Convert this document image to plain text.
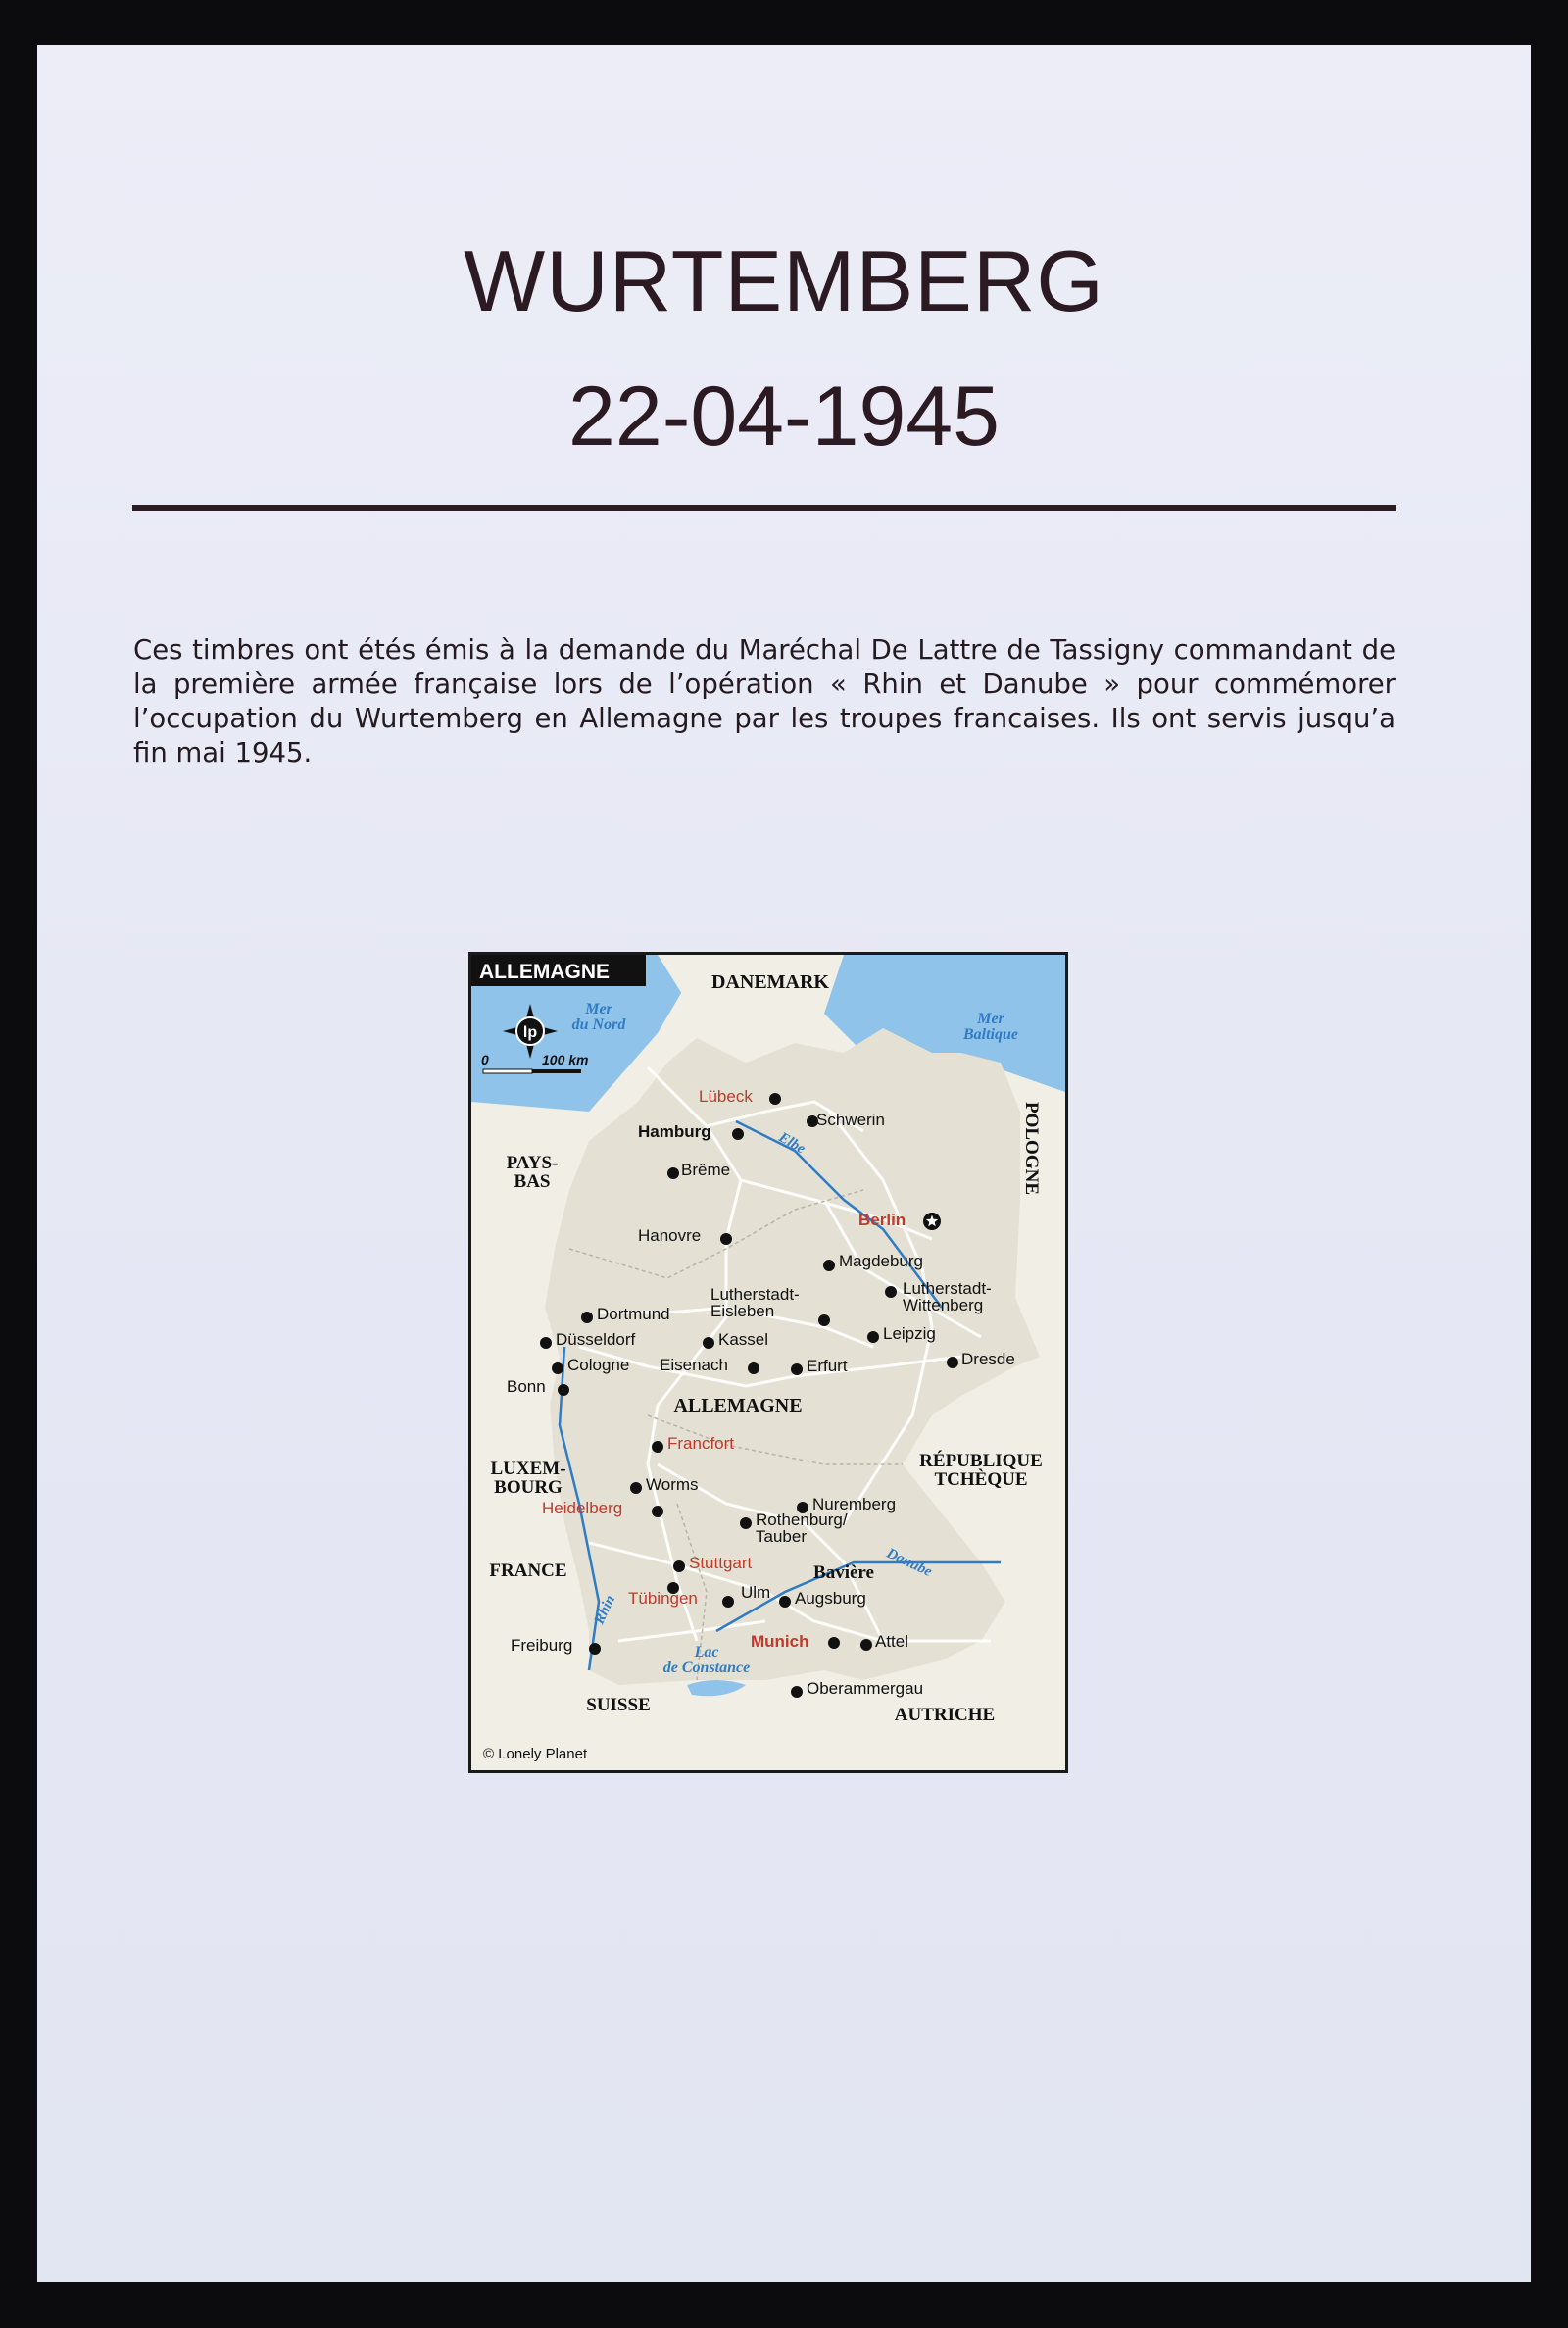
WURTEMBERG
22-04-1945

Ces timbres ont étés émis à la demande du Maréchal De Lattre de Tassigny commandant de la première armée française lors de l’opération « Rhin et Danube » pour commémorer l’occupation du Wurtemberg en Allemagne par les troupes francaises. Ils ont servis jusqu’a fin mai 1945.

ALLEMAGNE
lp
0	100 km
Mer du Nord	Mer Baltique
Elbe
Danube
Rhin
Lac de Constance
DANEMARK
PAYS-BAS	POLOGNE
LUXEM-BOURG
RÉPUBLIQUE TCHÈQUE
FRANCE
SUISSE	AUTRICHE
ALLEMAGNE
Bavière
Lübeck
Schwerin
Hamburg
Brême
Berlin
Hanovre
Magdeburg
Lutherstadt-Eisleben
Lutherstadt-Wittenberg
Dortmund
Düsseldorf	Kassel	Leipzig
Dresde
Cologne Eisenach	Erfurt
Bonn
Francfort
Worms
Heidelberg	Nuremberg
Rothenburg/ Tauber
Stuttgart
Tübingen	Ulm Augsburg
Freiburg	Munich	Attel
Oberammergau
© Lonely Planet
